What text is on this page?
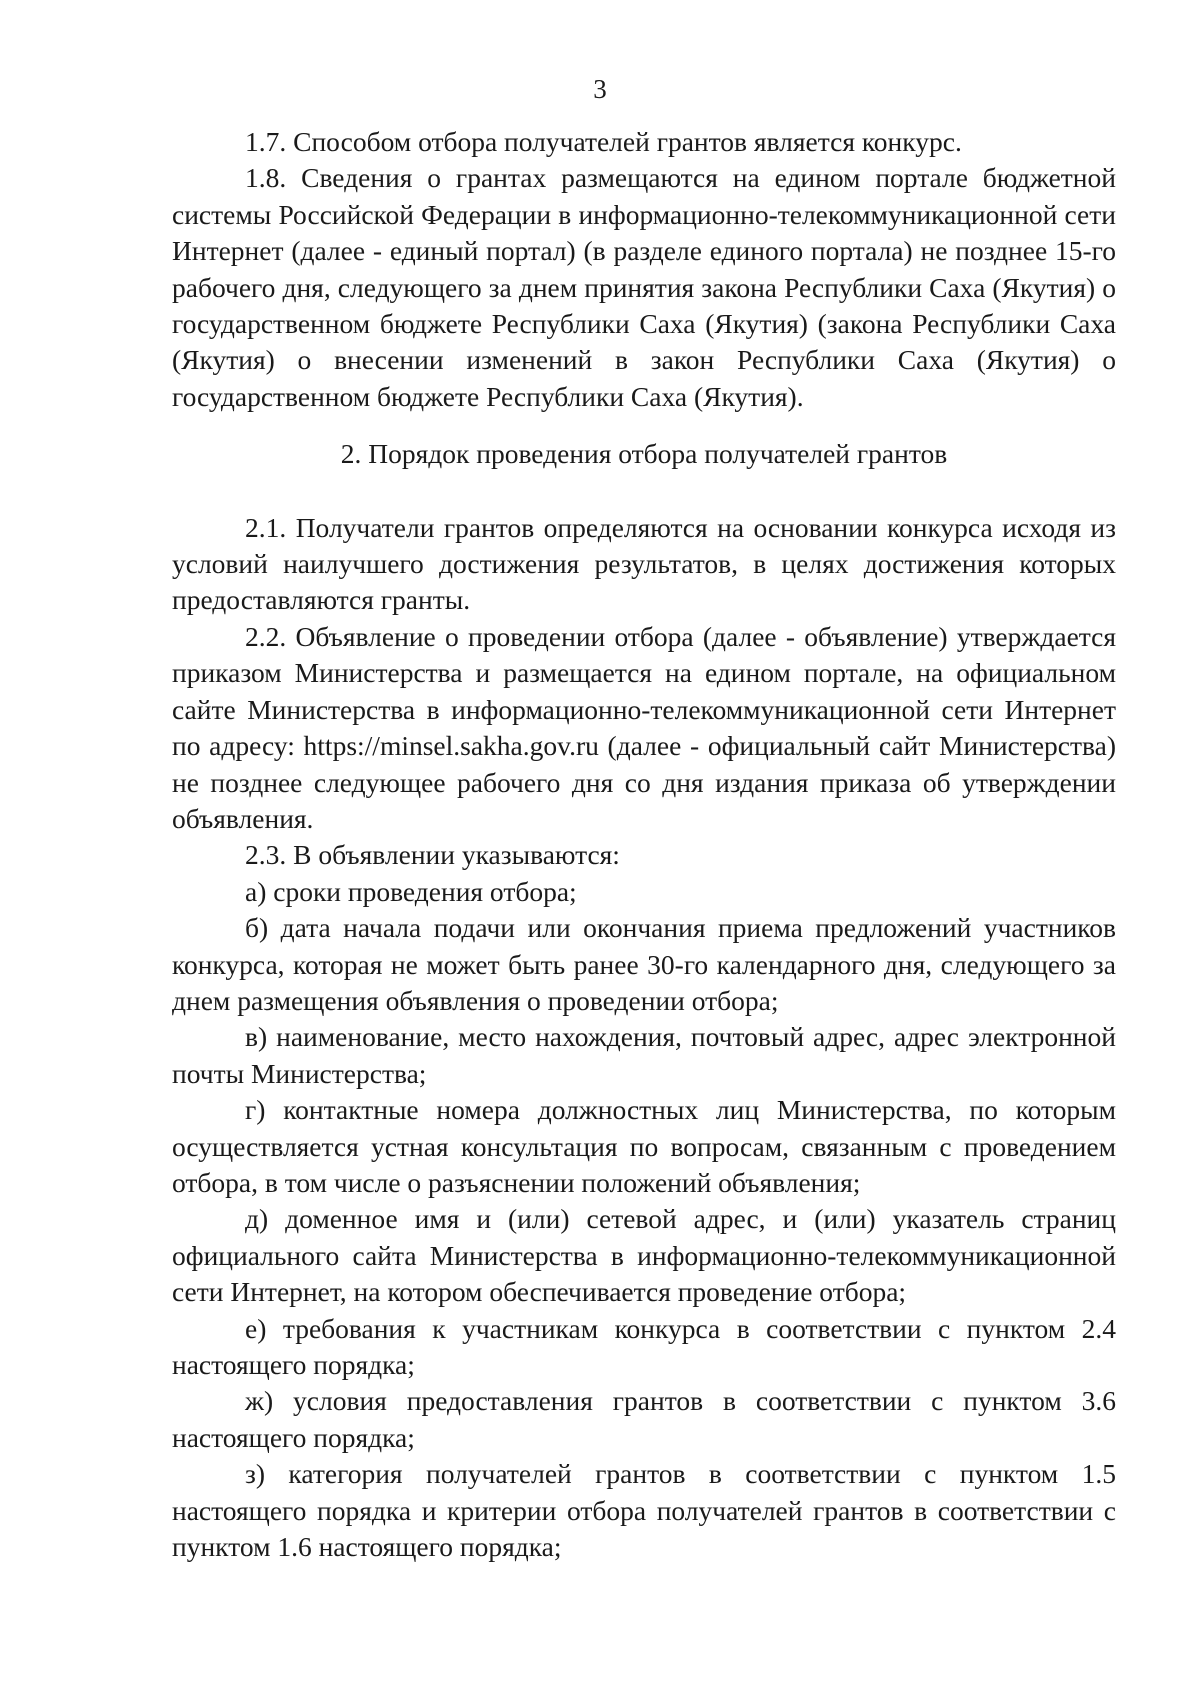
3

1.7. Способом отбора получателей грантов является конкурс.

1.8. Сведения о грантах размещаются на едином портале бюджетной системы Российской Федерации в информационно-телекоммуникационной сети Интернет (далее - единый портал) (в разделе единого портала) не позднее 15-го рабочего дня, следующего за днем принятия закона Республики Саха (Якутия) о государственном бюджете Республики Саха (Якутия) (закона Республики Саха (Якутия) о внесении изменений в закон Республики Саха (Якутия) о государственном бюджете Республики Саха (Якутия).

2. Порядок проведения отбора получателей грантов

2.1. Получатели грантов определяются на основании конкурса исходя из условий наилучшего достижения результатов, в целях достижения которых предоставляются гранты.

2.2. Объявление о проведении отбора (далее - объявление) утверждается приказом Министерства и размещается на едином портале, на официальном сайте Министерства в информационно-телекоммуникационной сети Интернет по адресу: https://minsel.sakha.gov.ru (далее - официальный сайт Министерства) не позднее следующее рабочего дня со дня издания приказа об утверждении объявления.

2.3. В объявлении указываются:

а) сроки проведения отбора;

б) дата начала подачи или окончания приема предложений участников конкурса, которая не может быть ранее 30-го календарного дня, следующего за днем размещения объявления о проведении отбора;

в) наименование, место нахождения, почтовый адрес, адрес электронной почты Министерства;

г) контактные номера должностных лиц Министерства, по которым осуществляется устная консультация по вопросам, связанным с проведением отбора, в том числе о разъяснении положений объявления;

д) доменное имя и (или) сетевой адрес, и (или) указатель страниц официального сайта Министерства в информационно-телекоммуникационной сети Интернет, на котором обеспечивается проведение отбора;

е) требования к участникам конкурса в соответствии с пунктом 2.4 настоящего порядка;

ж) условия предоставления грантов в соответствии с пунктом 3.6 настоящего порядка;

з) категория получателей грантов в соответствии с пунктом 1.5 настоящего порядка и критерии отбора получателей грантов в соответствии с пунктом 1.6 настоящего порядка;
